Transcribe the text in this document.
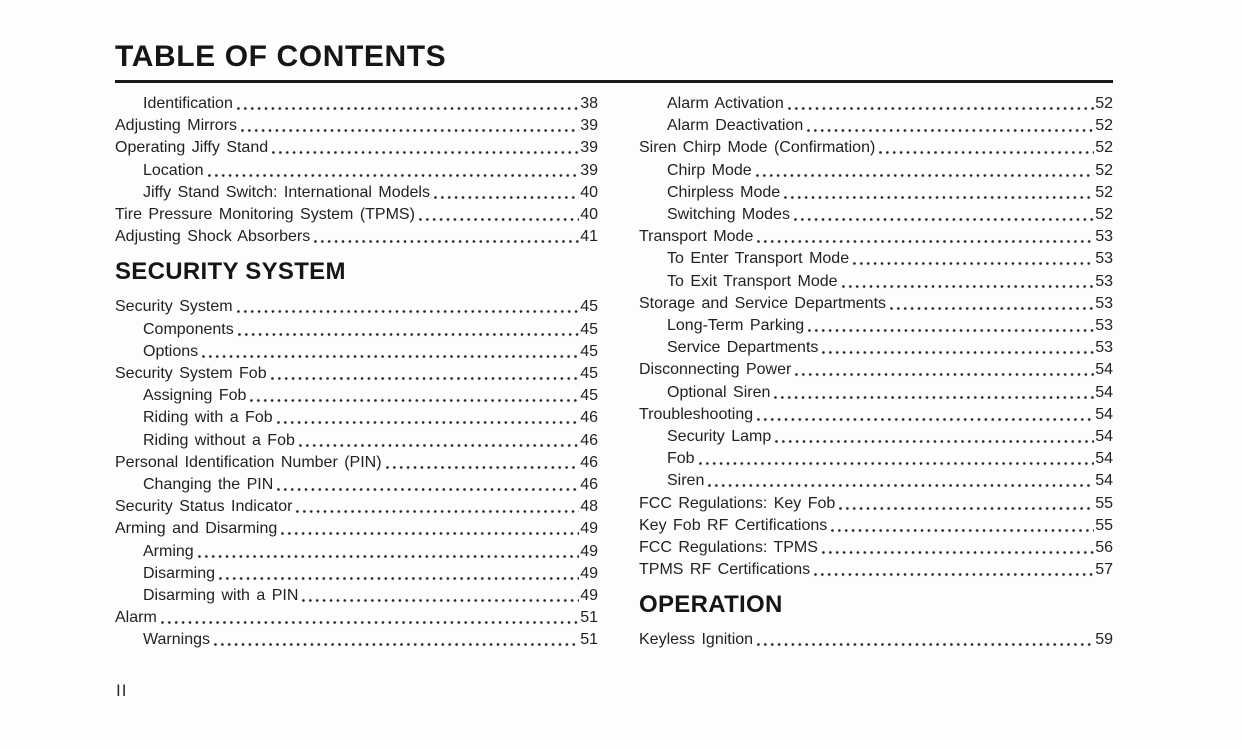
TABLE OF CONTENTS
Identification	38
Adjusting Mirrors	39
Operating Jiffy Stand	39
Location	39
Jiffy Stand Switch: International Models	40
Tire Pressure Monitoring System (TPMS)	40
Adjusting Shock Absorbers	41
SECURITY SYSTEM
Security System	45
Components	45
Options	45
Security System Fob	45
Assigning Fob	45
Riding with a Fob	46
Riding without a Fob	46
Personal Identification Number (PIN)	46
Changing the PIN	46
Security Status Indicator	48
Arming and Disarming	49
Arming	49
Disarming	49
Disarming with a PIN	49
Alarm	51
Warnings	51
Alarm Activation	52
Alarm Deactivation	52
Siren Chirp Mode (Confirmation)	52
Chirp Mode	52
Chirpless Mode	52
Switching Modes	52
Transport Mode	53
To Enter Transport Mode	53
To Exit Transport Mode	53
Storage and Service Departments	53
Long-Term Parking	53
Service Departments	53
Disconnecting Power	54
Optional Siren	54
Troubleshooting	54
Security Lamp	54
Fob	54
Siren	54
FCC Regulations: Key Fob	55
Key Fob RF Certifications	55
FCC Regulations: TPMS	56
TPMS RF Certifications	57
OPERATION
Keyless Ignition	59
II
